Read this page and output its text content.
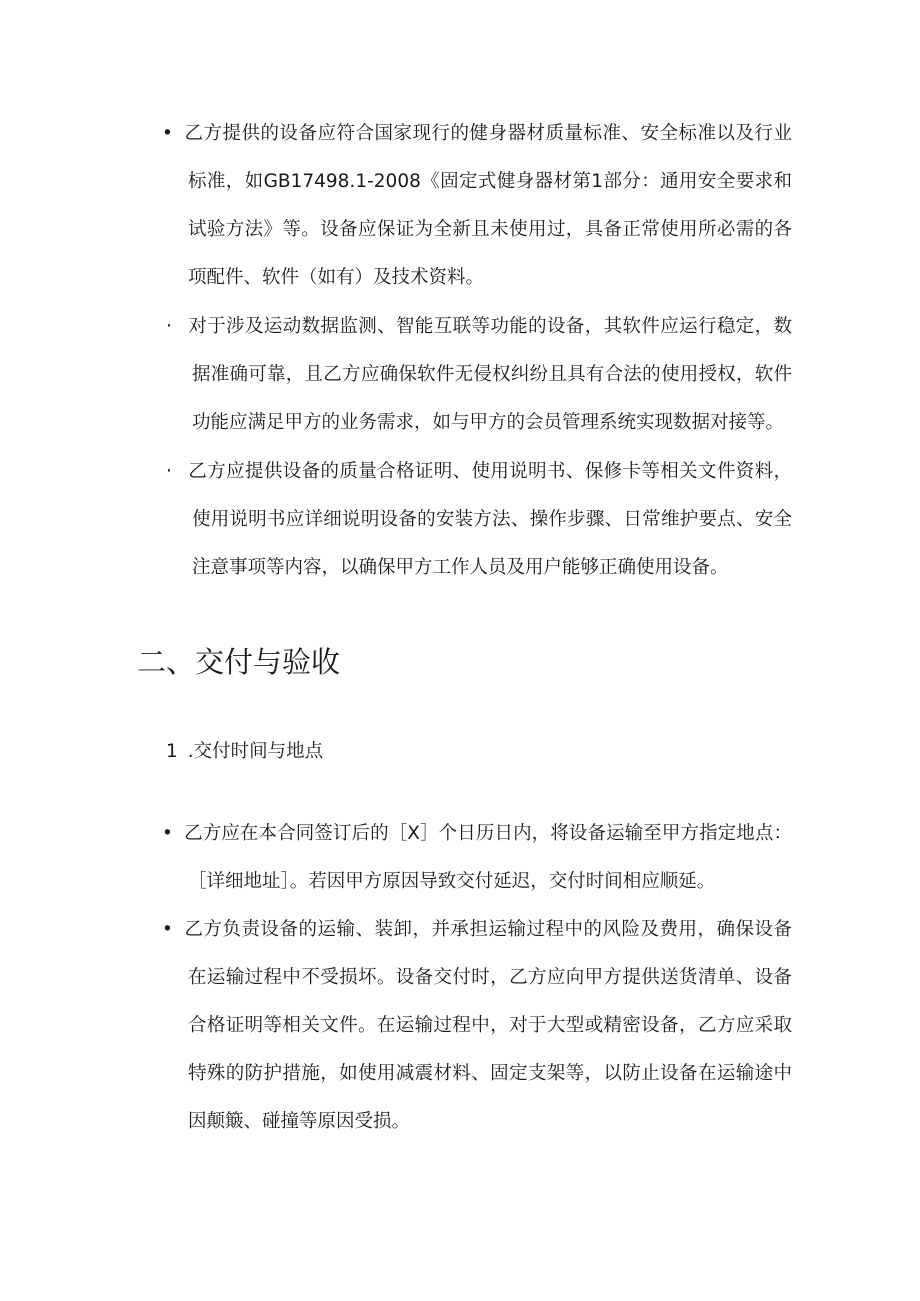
• 乙方提供的设备应符合国家现行的健身器材质量标准、安全标准以及行业标准，如GB17498.1-2008《固定式健身器材第1部分：通用安全要求和试验方法》等。设备应保证为全新且未使用过，具备正常使用所必需的各项配件、软件（如有）及技术资料。
· 对于涉及运动数据监测、智能互联等功能的设备，其软件应运行稳定，数据准确可靠，且乙方应确保软件无侵权纠纷且具有合法的使用授权，软件功能应满足甲方的业务需求，如与甲方的会员管理系统实现数据对接等。
· 乙方应提供设备的质量合格证明、使用说明书、保修卡等相关文件资料，使用说明书应详细说明设备的安装方法、操作步骤、日常维护要点、安全注意事项等内容，以确保甲方工作人员及用户能够正确使用设备。
二、交付与验收
1 .交付时间与地点
• 乙方应在本合同签订后的［X］个日历日内，将设备运输至甲方指定地点：［详细地址］。若因甲方原因导致交付延迟，交付时间相应顺延。
• 乙方负责设备的运输、装卸，并承担运输过程中的风险及费用，确保设备在运输过程中不受损坏。设备交付时，乙方应向甲方提供送货清单、设备合格证明等相关文件。在运输过程中，对于大型或精密设备，乙方应采取特殊的防护措施，如使用减震材料、固定支架等，以防止设备在运输途中因颠簸、碰撞等原因受损。
